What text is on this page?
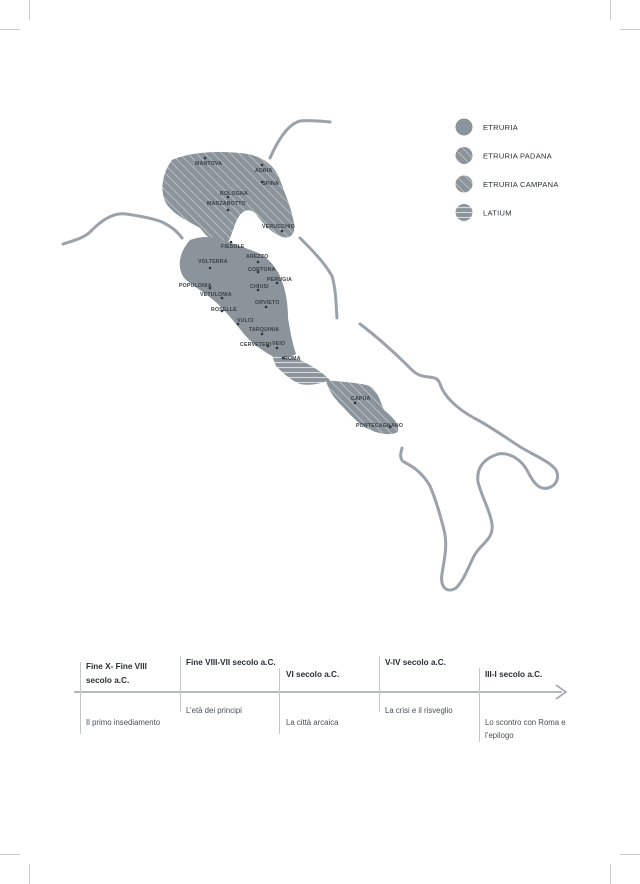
MANTOVA
ADRIA
SPINA
BOLOGNA
MARZABOTTO
VERUCCHIO
FIESOLE
AREZZO
VOLTERRA
CORTONA
PERUGIA
CHIUSI
POPULONIA
VETULONIA
ROSELLE
ORVIETO
VULCI
TARQUINIA
CERVETERI VEIO
ROMA
CAPUA
PONTECAGNANO
ETRURIA
ETRURIA PADANA
ETRURIA CAMPANA
LATIUM
Fine X- Fine VIII secolo a.C.
Il primo insediamento
Fine VIII-VII secolo a.C.
L’età dei principi
VI secolo a.C.
La città arcaica
V-IV secolo a.C.
La crisi e il risveglio
III-I secolo a.C.
Lo scontro con Roma e l’epilogo
